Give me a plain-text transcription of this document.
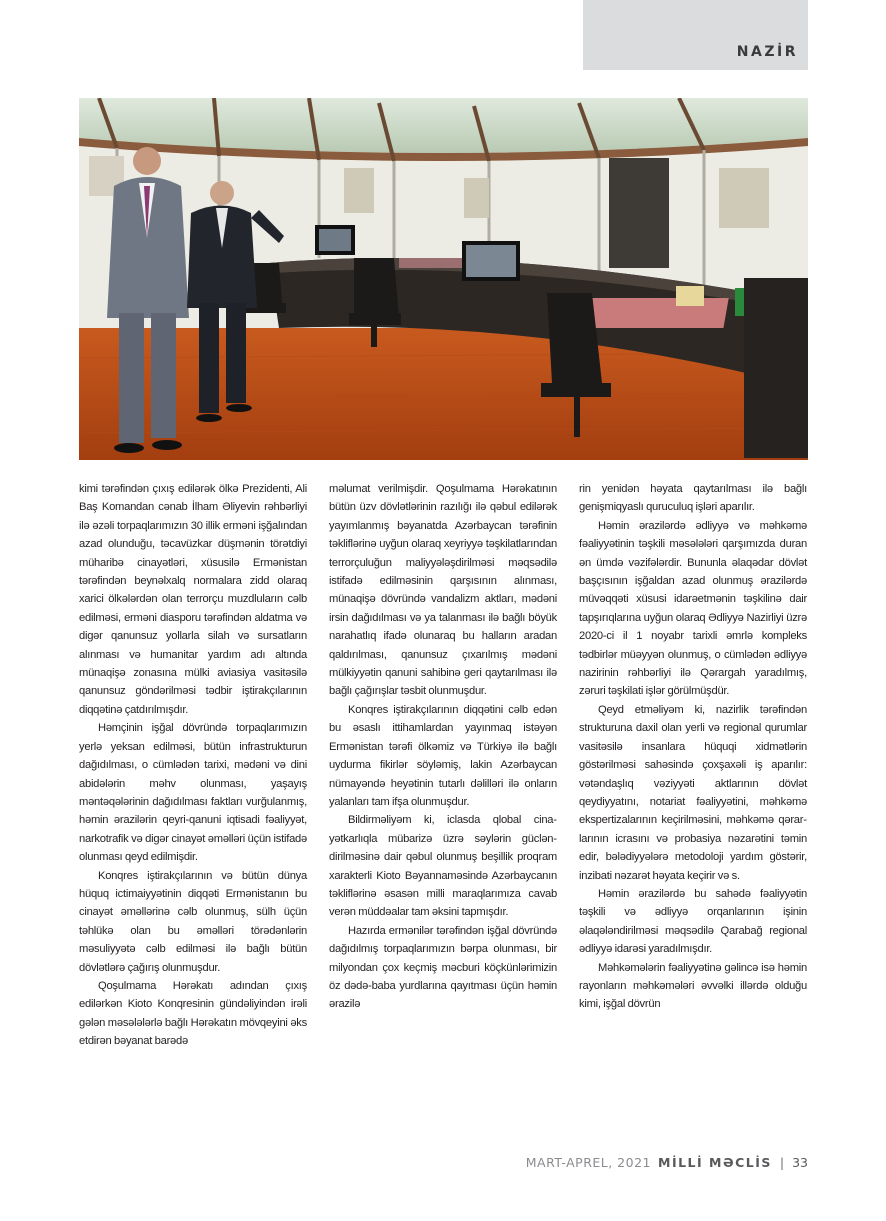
NAZİR

kimi tərəfindən çıxış edilərək ölkə Prezidenti, Ali Baş Komandan cənab İlham Əliyevin rəhbərliyi ilə əzəli torpaqlarımızın 30 illik erməni işğalından azad olunduğu, təcavüzkar düşmənin törətdiyi müharibə cinayətləri, xüsusilə Ermənistan tərəfindən beynəlxalq normalara zidd olaraq xarici ölkələrdən olan terrorçu muzdluların cəlb edilməsi, erməni diasporu tərəfindən aldatma və digər qanunsuz yollarla silah və sursatların alınması və humanitar yardım adı altında münaqişə zonasına mülki aviasiya vasitəsilə qanunsuz göndərilməsi tədbir iştirakçılarının diqqətinə çatdırılmışdır.

Həmçinin işğal dövründə torpaqlarımızın yerlə yeksan edilməsi, bütün infrastrukturun dağıdılması, o cümlədən tarixi, mədəni və dini abidələrin məhv olunması, yaşayış məntəqələrinin dağıdılması faktları vurğulanmış, həmin ərazilərin qeyri-qanuni iqtisadi fəaliyyət, narkotrafik və digər cinayət əməlləri üçün istifadə olunması qeyd edilmişdir.

Konqres iştirakçılarının və bütün dünya hüquq ictimaiyyətinin diqqəti Ermənistanın bu cinayət əməllərinə cəlb olunmuş, sülh üçün təhlükə olan bu əməlləri törədənlərin məsuliyyətə cəlb edilməsi ilə bağlı bütün dövlətlərə çağırış olunmuşdur.

Qoşulmama Hərəkatı adından çıxış edilərkən Kioto Konqresinin gündəliyindən irəli gələn məsələlərlə bağlı Hərəkatın mövqeyini əks etdirən bəyanat barədə

məlumat verilmişdir. Qoşulmama Hərəkatının bütün üzv dövlətlərinin razılığı ilə qəbul edilərək yayımlanmış bəyanatda Azərbaycan tərəfinin təkliflərinə uyğun olaraq xeyriyyə təşkilatlarından terrorçuluğun maliyyələşdirilməsi məqsədilə istifadə edilməsinin qarşısının alınması, münaqişə dövründə vandalizm aktları, mədəni irsin dağıdılması və ya talanması ilə bağlı böyük narahatlıq ifadə olunaraq bu halların aradan qaldırılması, qanunsuz çıxarılmış mədəni mülkiyyətin qanuni sahibinə geri qaytarılması ilə bağlı çağırışlar təsbit olunmuşdur.

Konqres iştirakçılarının diqqətini cəlb edən bu əsaslı ittihamlardan yayınmaq istəyən Ermənistan tərəfi ölkəmiz və Türkiyə ilə bağlı uydurma fikirlər söyləmiş, lakin Azərbaycan nümayəndə heyətinin tutarlı dəlilləri ilə onların yalanları tam ifşa olunmuşdur.

Bildirməliyəm ki, iclasda qlobal cinayətkarlıqla mübarizə üzrə səylərin gücləndirilməsinə dair qəbul olunmuş beşillik proqram xarakterli Kioto Bəyannaməsində Azərbaycanın təkliflərinə əsasən milli maraqlarımıza cavab verən müddəalar tam əksini tapmışdır.

Hazırda ermənilər tərəfindən işğal dövründə dağıdılmış torpaqlarımızın bərpa olunması, bir milyondan çox keçmiş məcburi köçkünlərimizin öz dədə-baba yurdlarına qayıtması üçün həmin ərazilə

rin yenidən həyata qaytarılması ilə bağlı genişmiqyaslı quruculuq işləri aparılır.

Həmin ərazilərdə ədliyyə və məhkəmə fəaliyyətinin təşkili məsələləri qarşımızda duran ən ümdə vəzifələrdir. Bununla əlaqədar dövlət başçısının işğaldan azad olunmuş ərazilərdə müvəqqəti xüsusi idarəetmənin təşkilinə dair tapşırıqlarına uyğun olaraq Ədliyyə Nazirliyi üzrə 2020-ci il 1 noyabr tarixli əmrlə kompleks tədbirlər müəyyən olunmuş, o cümlədən ədliyyə nazirinin rəhbərliyi ilə Qərargah yaradılmış, zəruri təşkilati işlər görülmüşdür.

Qeyd etməliyəm ki, nazirlik tərəfindən strukturuna daxil olan yerli və regional qurumlar vasitəsilə insanlara hüquqi xidmətlərin göstərilməsi sahəsində çoxşaxəli iş aparılır: vətəndaşlıq vəziyyəti aktlarının dövlət qeydiyyatını, notariat fəaliyyətini, məhkəmə ekspertizalarının keçirilməsini, məhkəmə qərarlarının icrasını və probasiya nəzarətini təmin edir, bələdiyyələrə metodoloji yardım göstərir, inzibati nəzarət həyata keçirir və s.

Həmin ərazilərdə bu sahədə fəaliyyətin təşkili və ədliyyə orqanlarının işinin əlaqələndirilməsi məqsədilə Qarabağ regional ədliyyə idarəsi yaradılmışdır.

Məhkəmələrin fəaliyyətinə gəlincə isə həmin rayonların məhkəmələri əvvəlki illərdə olduğu kimi, işğal dövrün

MART-APREL, 2021 MİLLİ MƏCLİS | 33
